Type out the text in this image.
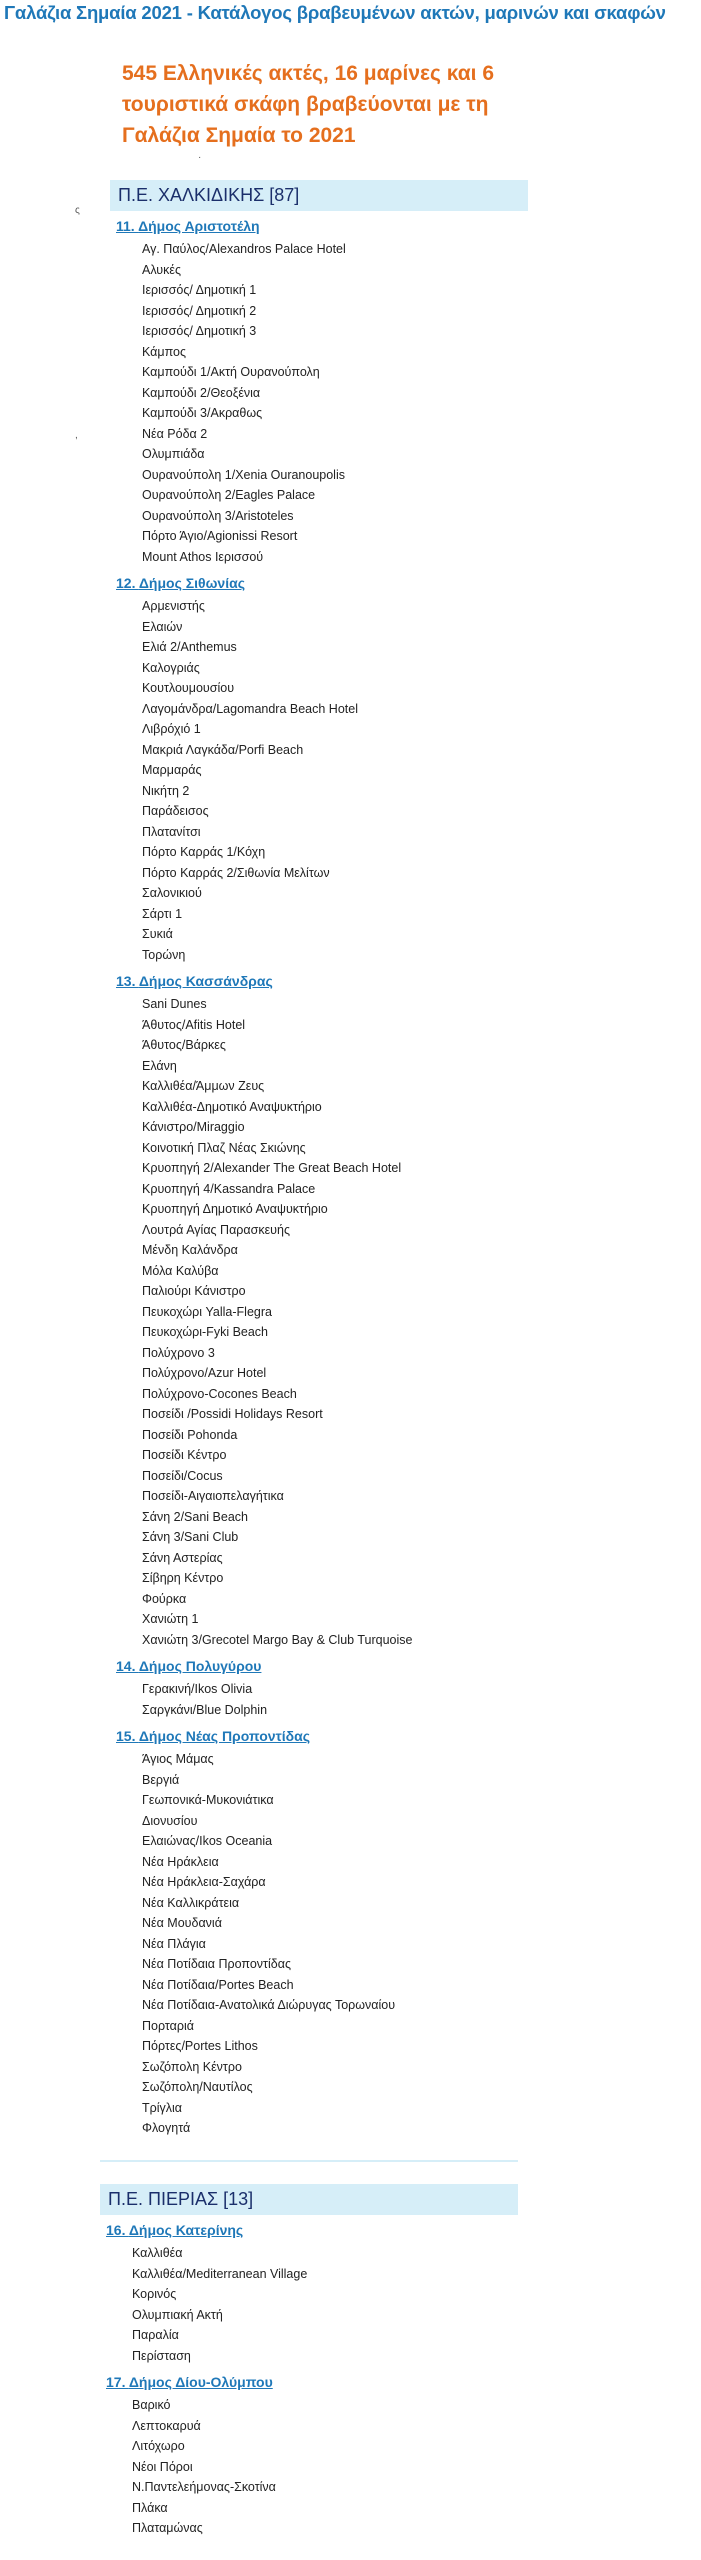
Γαλάζια Σημαία 2021 - Κατάλογος βραβευμένων ακτών, μαρινών και σκαφών
545 Ελληνικές ακτές, 16 μαρίνες και 6 τουριστικά σκάφη βραβεύονται με τη Γαλάζια Σημαία το 2021
·
ς
,
Π.Ε. ΧΑΛΚΙΔΙΚΗΣ [87]
11. Δήμος Αριστοτέλη
Αγ. Παύλος/Alexandros Palace Hotel
Αλυκές
Ιερισσός/ Δημοτική 1
Ιερισσός/ Δημοτική 2
Ιερισσός/ Δημοτική 3
Κάμπος
Καμπούδι 1/Ακτή Ουρανούπολη
Καμπούδι 2/Θεοξένια
Καμπούδι 3/Ακραθως
Νέα Ρόδα 2
Ολυμπιάδα
Ουρανούπολη 1/Xenia Ouranoupolis
Ουρανούπολη 2/Eagles Palace
Ουρανούπολη 3/Aristoteles
Πόρτο Άγιο/Agionissi Resort
Mount Athos Ιερισσού
12. Δήμος Σιθωνίας
Αρμενιστής
Ελαιών
Ελιά 2/Anthemus
Καλογριάς
Κουτλουμουσίου
Λαγομάνδρα/Lagomandra Beach Hotel
Λιβρόχιό 1
Μακριά Λαγκάδα/Porfi Beach
Μαρμαράς
Νικήτη 2
Παράδεισος
Πλατανίτσι
Πόρτο Καρράς 1/Κόχη
Πόρτο Καρράς 2/Σιθωνία Μελίτων
Σαλονικιού
Σάρτι 1
Συκιά
Τορώνη
13. Δήμος Κασσάνδρας
Sani Dunes
Άθυτος/Afitis Hotel
Άθυτος/Βάρκες
Ελάνη
Καλλιθέα/Άμμων Ζευς
Καλλιθέα-Δημοτικό Αναψυκτήριο
Κάνιστρο/Miraggio
Κοινοτική Πλαζ Νέας Σκιώνης
Κρυοπηγή 2/Alexander The Great Beach Hotel
Κρυοπηγή 4/Kassandra Palace
Κρυοπηγή Δημοτικό Αναψυκτήριο
Λουτρά Αγίας Παρασκευής
Μένδη Καλάνδρα
Μόλα Καλύβα
Παλιούρι Κάνιστρο
Πευκοχώρι Yalla-Flegra
Πευκοχώρι-Fyki Beach
Πολύχρονο 3
Πολύχρονο/Azur Hotel
Πολύχρονο-Cocones Beach
Ποσείδι /Possidi Holidays Resort
Ποσείδι Pohonda
Ποσείδι Κέντρο
Ποσείδι/Cocus
Ποσείδι-Αιγαιοπελαγήτικα
Σάνη 2/Sani Beach
Σάνη 3/Sani Club
Σάνη Αστερίας
Σίβηρη Κέντρο
Φούρκα
Χανιώτη 1
Χανιώτη 3/Grecotel Margo Bay & Club Turquoise
14. Δήμος Πολυγύρου
Γερακινή/Ikos Olivia
Σαργκάνι/Blue Dolphin
15. Δήμος Νέας Προποντίδας
Άγιος Μάμας
Βεργιά
Γεωπονικά-Μυκονιάτικα
Διονυσίου
Ελαιώνας/Ikos Oceania
Νέα Ηράκλεια
Νέα Ηράκλεια-Σαχάρα
Νέα Καλλικράτεια
Νέα Μουδανιά
Νέα Πλάγια
Νέα Ποτίδαια Προποντίδας
Νέα Ποτίδαια/Portes Beach
Νέα Ποτίδαια-Ανατολικά Διώρυγας Τορωναίου
Πορταριά
Πόρτες/Portes Lithos
Σωζόπολη Κέντρο
Σωζόπολη/Ναυτίλος
Τρίγλια
Φλογητά
Π.Ε. ΠΙΕΡΙΑΣ [13]
16. Δήμος Κατερίνης
Καλλιθέα
Καλλιθέα/Mediterranean Village
Κορινός
Ολυμπιακή Ακτή
Παραλία
Περίσταση
17. Δήμος Δίου-Ολύμπου
Βαρικό
Λεπτοκαρυά
Λιτόχωρο
Νέοι Πόροι
Ν.Παντελεήμονας-Σκοτίνα
Πλάκα
Πλαταμώνας
